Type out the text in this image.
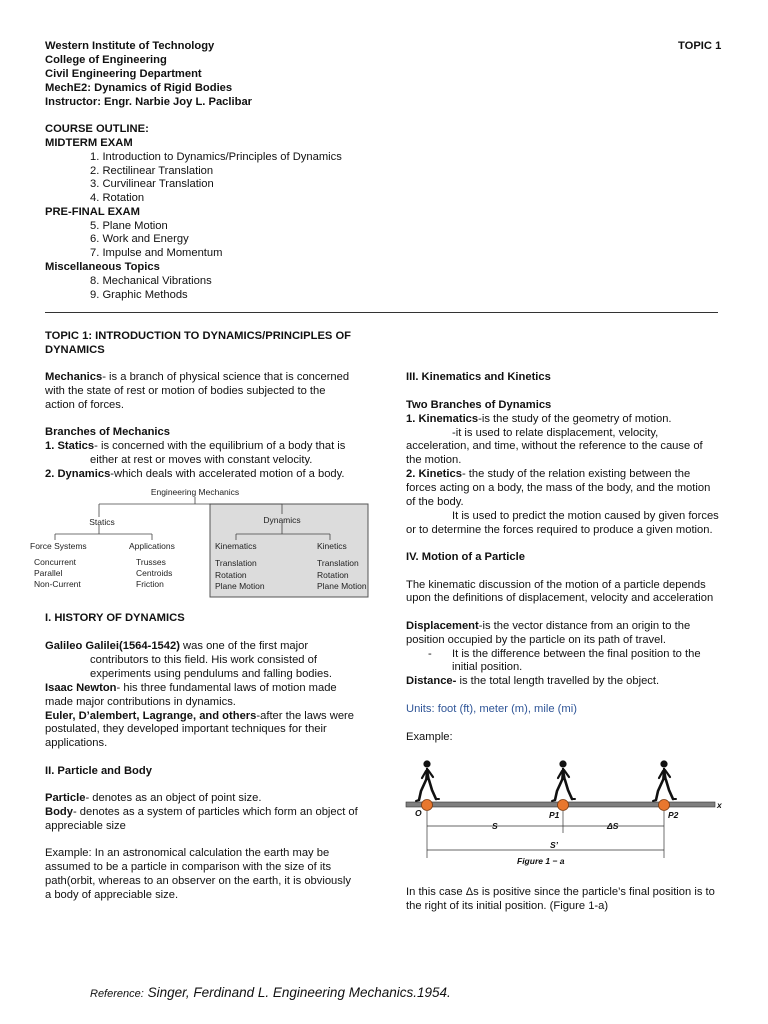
Western Institute of Technology
College of Engineering
Civil Engineering Department
MechE2: Dynamics of Rigid Bodies
Instructor: Engr. Narbie Joy L. Paclibar
TOPIC 1
COURSE OUTLINE:
MIDTERM EXAM
1. Introduction to Dynamics/Principles of Dynamics
2. Rectilinear Translation
3. Curvilinear Translation
4. Rotation
PRE-FINAL EXAM
5. Plane Motion
6. Work and Energy
7. Impulse and Momentum
Miscellaneous Topics
8. Mechanical Vibrations
9. Graphic Methods
TOPIC 1: INTRODUCTION TO DYNAMICS/PRINCIPLES OF
DYNAMICS
Mechanics- is a branch of physical science that is concerned
with the state of rest or motion of bodies subjected to the
action of forces.
Branches of Mechanics
1. Statics- is concerned with the equilibrium of a body that is
either at rest or moves with constant velocity.
2. Dynamics-which deals with accelerated motion of a body.
Engineering Mechanics
Statics	Dynamics
Force Systems	Applications	Kinematics	Kinetics
Concurrent
Parallel
Non-Current
Trusses
Centroids
Friction
Translation
Rotation
Plane Motion
Translation
Rotation
Plane Motion
I. HISTORY OF DYNAMICS
Galileo Galilei(1564-1542) was one of the first major
contributors to this field. His work consisted of
experiments using pendulums and falling bodies.
Isaac Newton- his three fundamental laws of motion made
made major contributions in dynamics.
Euler, D’alembert, Lagrange, and others-after the laws were
postulated, they developed important techniques for their
applications.
II. Particle and Body
Particle- denotes as an object of point size.
Body- denotes as a system of particles which form an object of
appreciable size
Example: In an astronomical calculation the earth may be
assumed to be a particle in comparison with the size of its
path(orbit, whereas to an observer on the earth, it is obviously
a body of appreciable size.
III. Kinematics and Kinetics
Two Branches of Dynamics
1. Kinematics-is the study of the geometry of motion.
-it is used to relate displacement, velocity,
acceleration, and time, without the reference to the cause of
the motion.
2. Kinetics- the study of the relation existing between the
forces acting on a body, the mass of the body, and the motion
of the body.
It is used to predict the motion caused by given forces
or to determine the forces required to produce a given motion.
IV. Motion of a Particle
The kinematic discussion of the motion of a particle depends
upon the definitions of displacement, velocity and acceleration
Displacement-is the vector distance from an origin to the
position occupied by the particle on its path of travel.
- It is the difference between the final position to the
initial position.
Distance- is the total length travelled by the object.
Units: foot (ft), meter (m), mile (mi)
Example:
O	P1	P2
x
S	ΔS
S’
Figure 1 − a
In this case Δs is positive since the particle’s final position is to
the right of its initial position. (Figure 1-a)
Reference: Singer, Ferdinand L. Engineering Mechanics.1954.
